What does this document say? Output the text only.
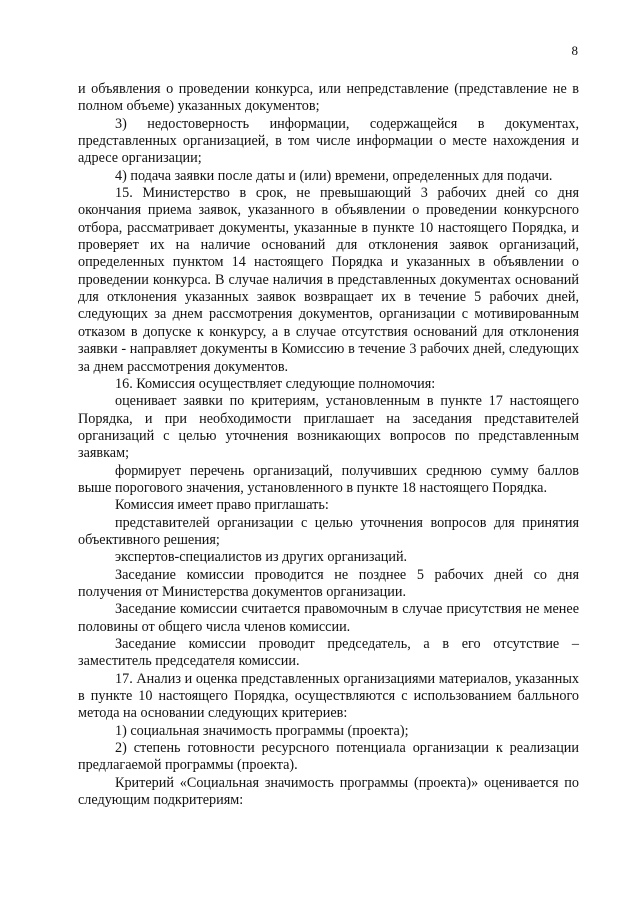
8

и объявления о проведении конкурса, или непредставление (представление не в полном объеме) указанных документов;

3) недостоверность информации, содержащейся в документах, представленных организацией, в том числе информации о месте нахождения и адресе организации;

4) подача заявки после даты и (или) времени, определенных для подачи.

15. Министерство в срок, не превышающий 3 рабочих дней со дня окончания приема заявок, указанного в объявлении о проведении конкурсного отбора, рассматривает документы, указанные в пункте 10 настоящего Порядка, и проверяет их на наличие оснований для отклонения заявок организаций, определенных пунктом 14 настоящего Порядка и указанных в объявлении о проведении конкурса. В случае наличия в представленных документах оснований для отклонения указанных заявок возвращает их в течение 5 рабочих дней, следующих за днем рассмотрения документов, организации с мотивированным отказом в допуске к конкурсу, а в случае отсутствия оснований для отклонения заявки - направляет документы в Комиссию в течение 3 рабочих дней, следующих за днем рассмотрения документов.

16. Комиссия осуществляет следующие полномочия:

оценивает заявки по критериям, установленным в пункте 17 настоящего Порядка, и при необходимости приглашает на заседания представителей организаций с целью уточнения возникающих вопросов по представленным заявкам;

формирует перечень организаций, получивших среднюю сумму баллов выше порогового значения, установленного в пункте 18 настоящего Порядка.

Комиссия имеет право приглашать:

представителей организации с целью уточнения вопросов для принятия объективного решения;

экспертов-специалистов из других организаций.

Заседание комиссии проводится не позднее 5 рабочих дней со дня получения от Министерства документов организации.

Заседание комиссии считается правомочным в случае присутствия не менее половины от общего числа членов комиссии.

Заседание комиссии проводит председатель, а в его отсутствие – заместитель председателя комиссии.

17. Анализ и оценка представленных организациями материалов, указанных в пункте 10 настоящего Порядка, осуществляются с использованием балльного метода на основании следующих критериев:

1) социальная значимость программы (проекта);

2) степень готовности ресурсного потенциала организации к реализации предлагаемой программы (проекта).

Критерий «Социальная значимость программы (проекта)» оценивается по следующим подкритериям:
